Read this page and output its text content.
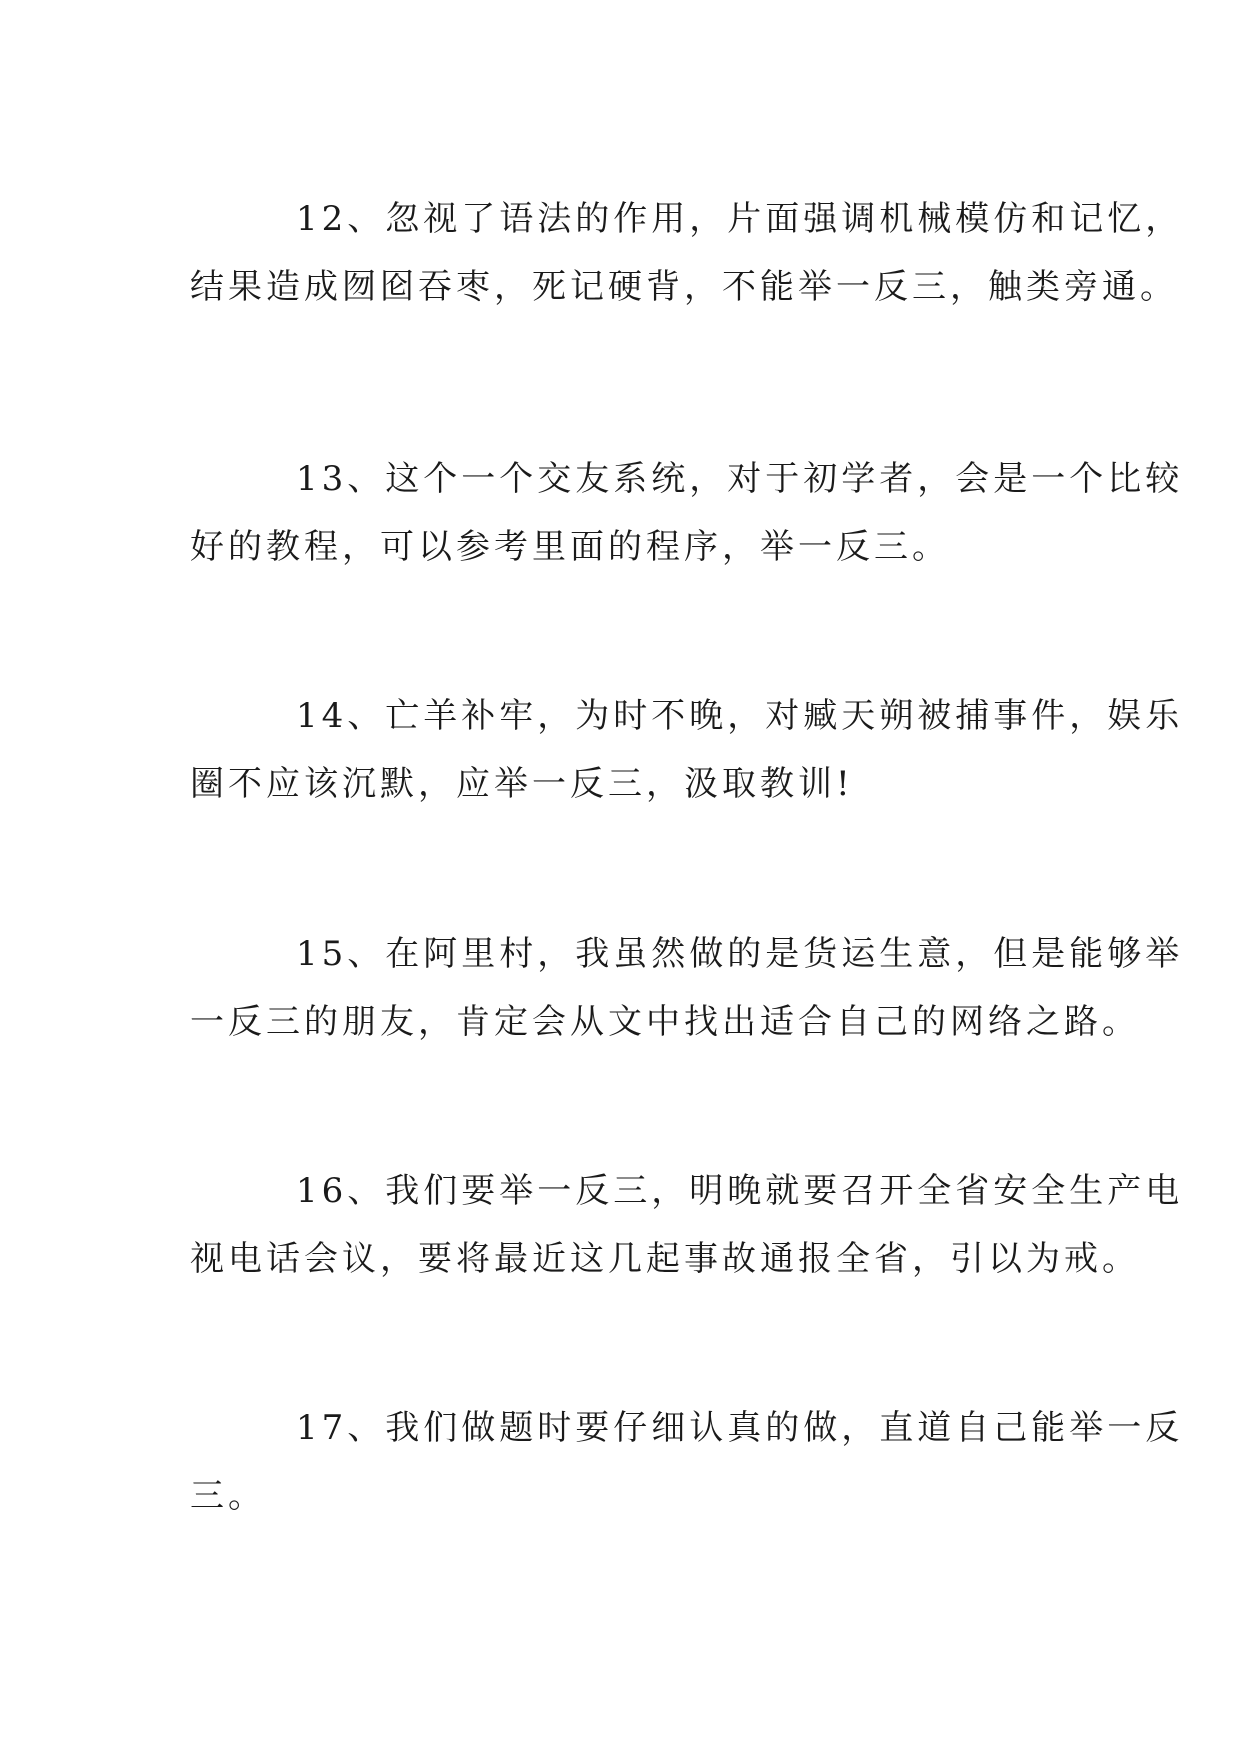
12、忽视了语法的作用，片面强调机械模仿和记忆，
结果造成囫囵吞枣，死记硬背，不能举一反三，触类旁通。

13、这个一个交友系统，对于初学者，会是一个比较
好的教程，可以参考里面的程序，举一反三。

14、亡羊补牢，为时不晚，对臧天朔被捕事件，娱乐
圈不应该沉默，应举一反三，汲取教训!

15、在阿里村，我虽然做的是货运生意，但是能够举
一反三的朋友，肯定会从文中找出适合自己的网络之路。

16、我们要举一反三，明晚就要召开全省安全生产电
视电话会议，要将最近这几起事故通报全省，引以为戒。

17、我们做题时要仔细认真的做，直道自己能举一反
三。
